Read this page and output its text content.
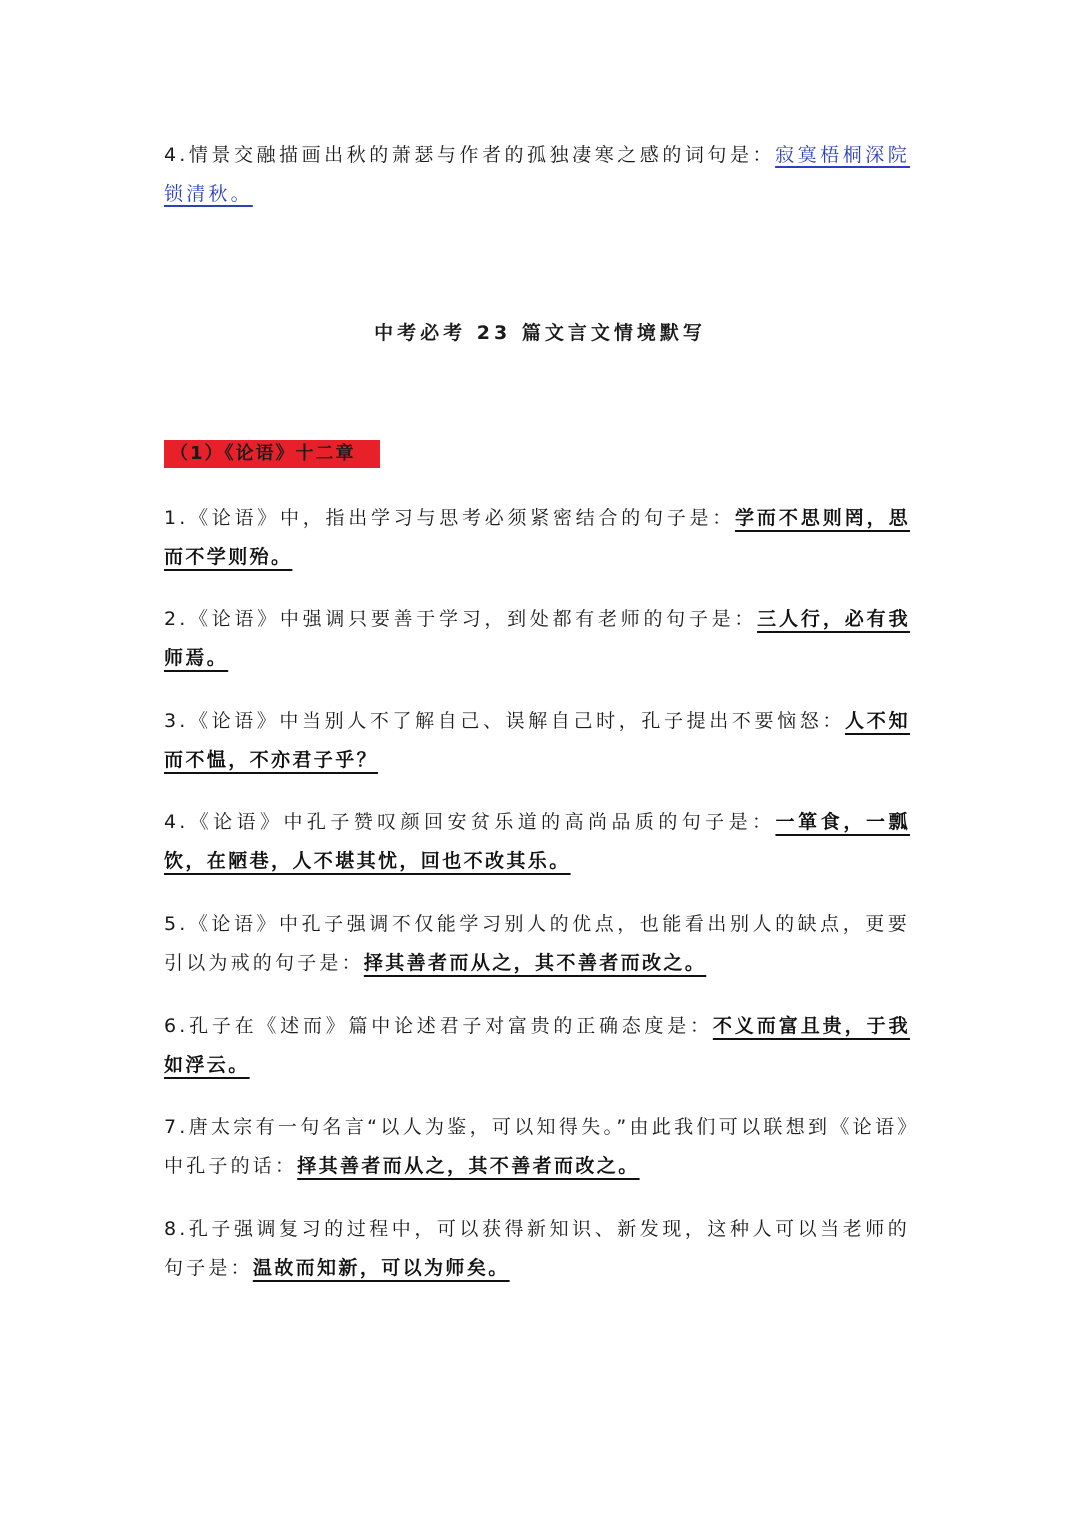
4.情景交融描画出秋的萧瑟与作者的孤独凄寒之感的词句是：寂寞梧桐深院锁清秋。

中考必考 23 篇文言文情境默写
（1）《论语》十二章

1.《论语》中，指出学习与思考必须紧密结合的句子是：学而不思则罔，思而不学则殆。

2.《论语》中强调只要善于学习，到处都有老师的句子是：三人行，必有我师焉。

3.《论语》中当别人不了解自己、误解自己时，孔子提出不要恼怒：人不知而不愠，不亦君子乎？

4.《论语》中孔子赞叹颜回安贫乐道的高尚品质的句子是：一箪食，一瓢饮，在陋巷，人不堪其忧，回也不改其乐。

5.《论语》中孔子强调不仅能学习别人的优点，也能看出别人的缺点，更要引以为戒的句子是：择其善者而从之，其不善者而改之。

6.孔子在《述而》篇中论述君子对富贵的正确态度是：不义而富且贵，于我如浮云。

7.唐太宗有一句名言“以人为鉴，可以知得失。”由此我们可以联想到《论语》中孔子的话：择其善者而从之，其不善者而改之。

8.孔子强调复习的过程中，可以获得新知识、新发现，这种人可以当老师的句子是：温故而知新，可以为师矣。
